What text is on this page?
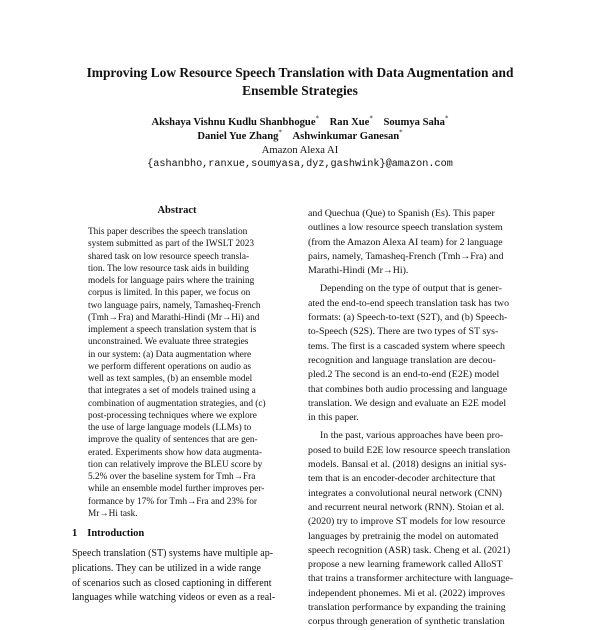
Improving Low Resource Speech Translation with Data Augmentation and
Ensemble Strategies
Akshaya Vishnu Kudlu Shanbhogue* Ran Xue* Soumya Saha*
Daniel Yue Zhang* Ashwinkumar Ganesan*
Amazon Alexa AI
{ashanbho,ranxue,soumyasa,dyz,gashwink}@amazon.com
Abstract
This paper describes the speech translation
system submitted as part of the IWSLT 2023
shared task on low resource speech transla-
tion. The low resource task aids in building
models for language pairs where the training
corpus is limited. In this paper, we focus on
two language pairs, namely, Tamasheq-French
(Tmh→Fra) and Marathi-Hindi (Mr→Hi) and
implement a speech translation system that is
unconstrained. We evaluate three strategies
in our system: (a) Data augmentation where
we perform different operations on audio as
well as text samples, (b) an ensemble model
that integrates a set of models trained using a
combination of augmentation strategies, and (c)
post-processing techniques where we explore
the use of large language models (LLMs) to
improve the quality of sentences that are gen-
erated. Experiments show how data augmenta-
tion can relatively improve the BLEU score by
5.2% over the baseline system for Tmh→Fra
while an ensemble model further improves per-
formance by 17% for Tmh→Fra and 23% for
Mr→Hi task.
1 Introduction
Speech translation (ST) systems have multiple ap-
plications. They can be utilized in a wide range
of scenarios such as closed captioning in different
languages while watching videos or even as a real-
and Quechua (Que) to Spanish (Es). This paper
outlines a low resource speech translation system
(from the Amazon Alexa AI team) for 2 language
pairs, namely, Tamasheq-French (Tmh→Fra) and
Marathi-Hindi (Mr→Hi).
Depending on the type of output that is gener-
ated the end-to-end speech translation task has two
formats: (a) Speech-to-text (S2T), and (b) Speech-
to-Speech (S2S). There are two types of ST sys-
tems. The first is a cascaded system where speech
recognition and language translation are decou-
pled.2 The second is an end-to-end (E2E) model
that combines both audio processing and language
translation. We design and evaluate an E2E model
in this paper.
In the past, various approaches have been pro-
posed to build E2E low resource speech translation
models. Bansal et al. (2018) designs an initial sys-
tem that is an encoder-decoder architecture that
integrates a convolutional neural network (CNN)
and recurrent neural network (RNN). Stoian et al.
(2020) try to improve ST models for low resource
languages by pretrainig the model on automated
speech recognition (ASR) task. Cheng et al. (2021)
propose a new learning framework called AlloST
that trains a transformer architecture with language-
independent phonemes. Mi et al. (2022) improves
translation performance by expanding the training
corpus through generation of synthetic translation
